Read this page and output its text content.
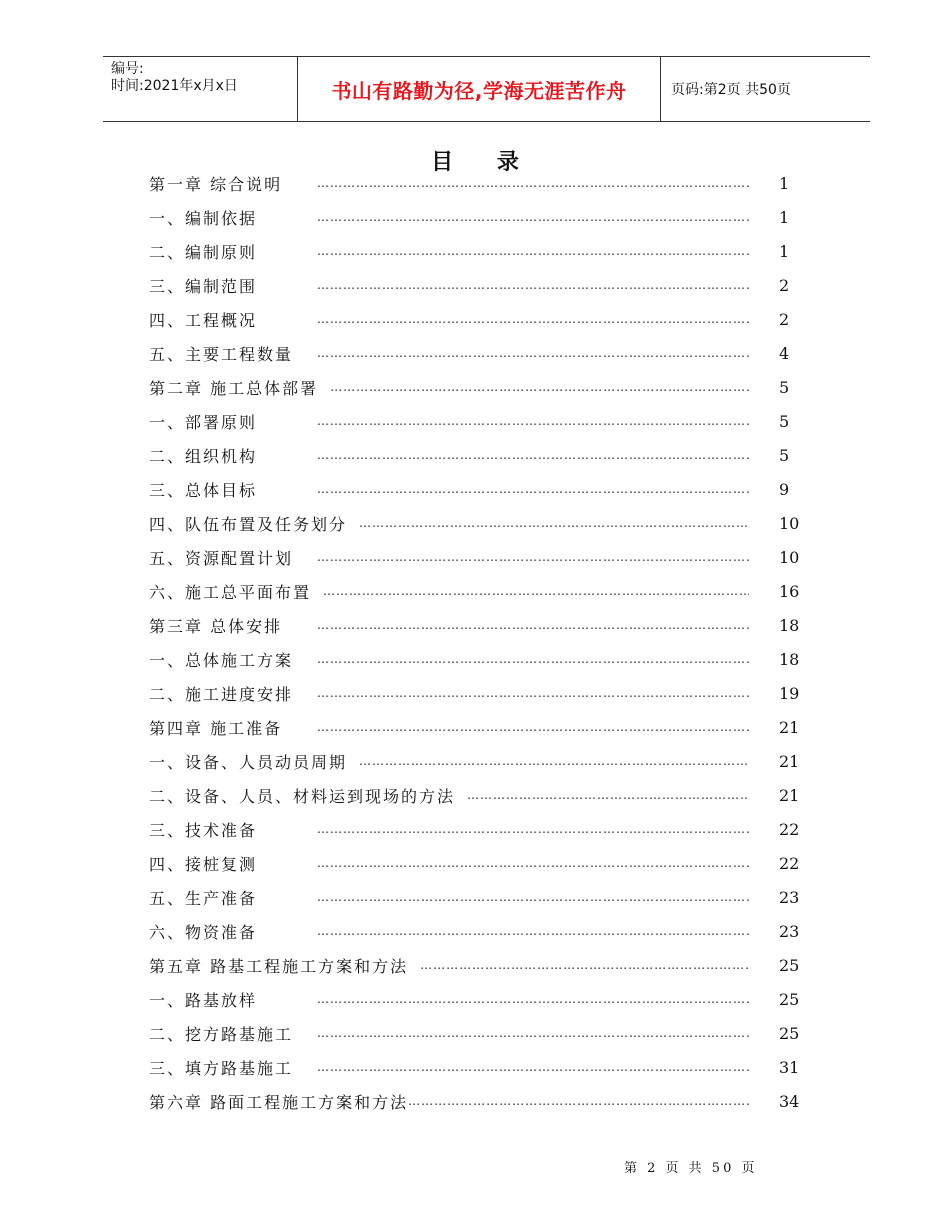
编号:
时间:2021年x月x日	书山有路勤为径,学海无涯苦作舟	页码:第2页 共50页
目 录
第一章 综合说明 ……………………………………………………………………………………………………………………………………………	1
一、编制依据 ……………………………………………………………………………………………………………………………………………	1
二、编制原则 ……………………………………………………………………………………………………………………………………………	1
三、编制范围 ……………………………………………………………………………………………………………………………………………	2
四、工程概况 ……………………………………………………………………………………………………………………………………………	2
五、主要工程数量 ……………………………………………………………………………………………………………………………………………	4
第二章 施工总体部署 ……………………………………………………………………………………………………………………………………………	5
一、部署原则 ……………………………………………………………………………………………………………………………………………	5
二、组织机构 ……………………………………………………………………………………………………………………………………………	5
三、总体目标 ……………………………………………………………………………………………………………………………………………	9
四、队伍布置及任务划分 ……………………………………………………………………………………………………………………………………………	10
五、资源配置计划 ……………………………………………………………………………………………………………………………………………	10
六、施工总平面布置 ……………………………………………………………………………………………………………………………………………	16
第三章 总体安排 ……………………………………………………………………………………………………………………………………………	18
一、总体施工方案 ……………………………………………………………………………………………………………………………………………	18
二、施工进度安排 ……………………………………………………………………………………………………………………………………………	19
第四章 施工准备 ……………………………………………………………………………………………………………………………………………	21
一、设备、人员动员周期 ……………………………………………………………………………………………………………………………………………	21
二、设备、人员、材料运到现场的方法 ……………………………………………………………………………………………………………………………………………	21
三、技术准备 ……………………………………………………………………………………………………………………………………………	22
四、接桩复测 ……………………………………………………………………………………………………………………………………………	22
五、生产准备 ……………………………………………………………………………………………………………………………………………	23
六、物资准备 ……………………………………………………………………………………………………………………………………………	23
第五章 路基工程施工方案和方法 ……………………………………………………………………………………………………………………………………………	25
一、路基放样 ……………………………………………………………………………………………………………………………………………	25
二、挖方路基施工 ……………………………………………………………………………………………………………………………………………	25
三、填方路基施工 ……………………………………………………………………………………………………………………………………………	31
第六章 路面工程施工方案和方法 ……………………………………………………………………………………………………………………………………………	34
第 2 页 共 50 页
